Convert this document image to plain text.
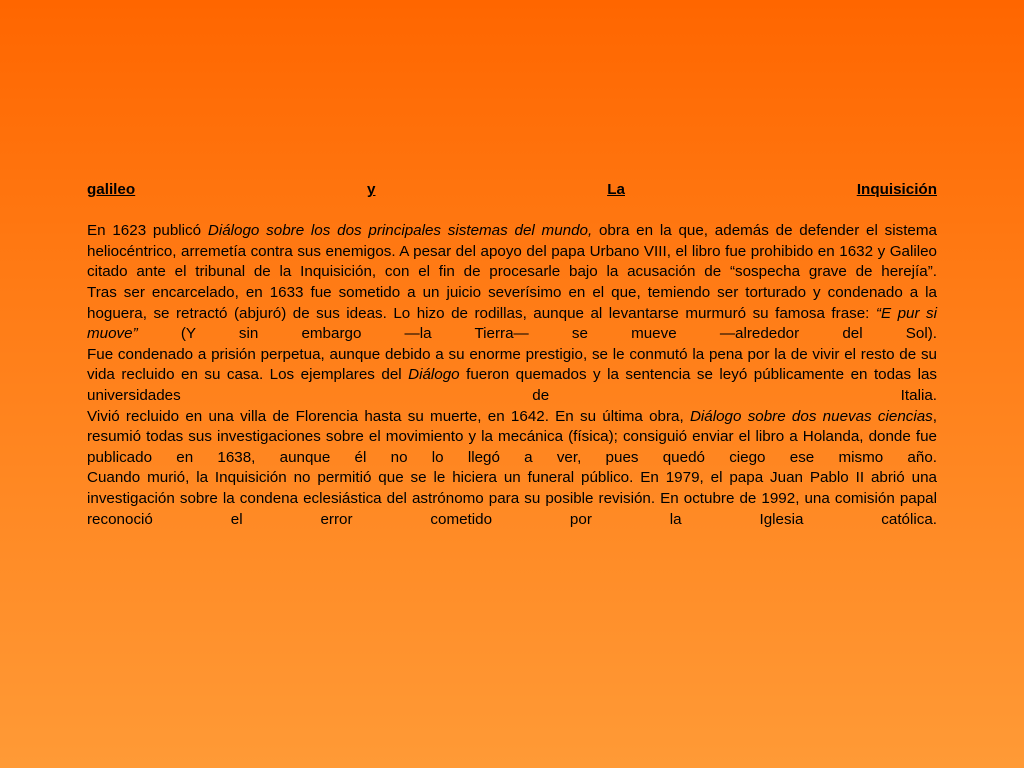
galileo	y	La	Inquisición

En 1623 publicó Diálogo sobre los dos principales sistemas del mundo, obra en la que, además de defender el sistema heliocéntrico, arremetía contra sus enemigos. A pesar del apoyo del papa Urbano VIII, el libro fue prohibido en 1632 y Galileo citado ante el tribunal de la Inquisición, con el fin de procesarle bajo la acusación de “sospecha grave de herejía”.

Tras ser encarcelado, en 1633 fue sometido a un juicio severísimo en el que, temiendo ser torturado y condenado a la hoguera, se retractó (abjuró) de sus ideas. Lo hizo de rodillas, aunque al levantarse murmuró su famosa frase: “E pur si muove” (Y sin embargo —la Tierra— se mueve —alrededor del Sol).

Fue condenado a prisión perpetua, aunque debido a su enorme prestigio, se le conmutó la pena por la de vivir el resto de su vida recluido en su casa. Los ejemplares del Diálogo fueron quemados y la sentencia se leyó públicamente en todas las universidades de Italia.

Vivió recluido en una villa de Florencia hasta su muerte, en 1642. En su última obra, Diálogo sobre dos nuevas ciencias, resumió todas sus investigaciones sobre el movimiento y la mecánica (física); consiguió enviar el libro a Holanda, donde fue publicado en 1638, aunque él no lo llegó a ver, pues quedó ciego ese mismo año.

Cuando murió, la Inquisición no permitió que se le hiciera un funeral público. En 1979, el papa Juan Pablo II abrió una investigación sobre la condena eclesiástica del astrónomo para su posible revisión. En octubre de 1992, una comisión papal reconoció el error cometido por la Iglesia católica.
